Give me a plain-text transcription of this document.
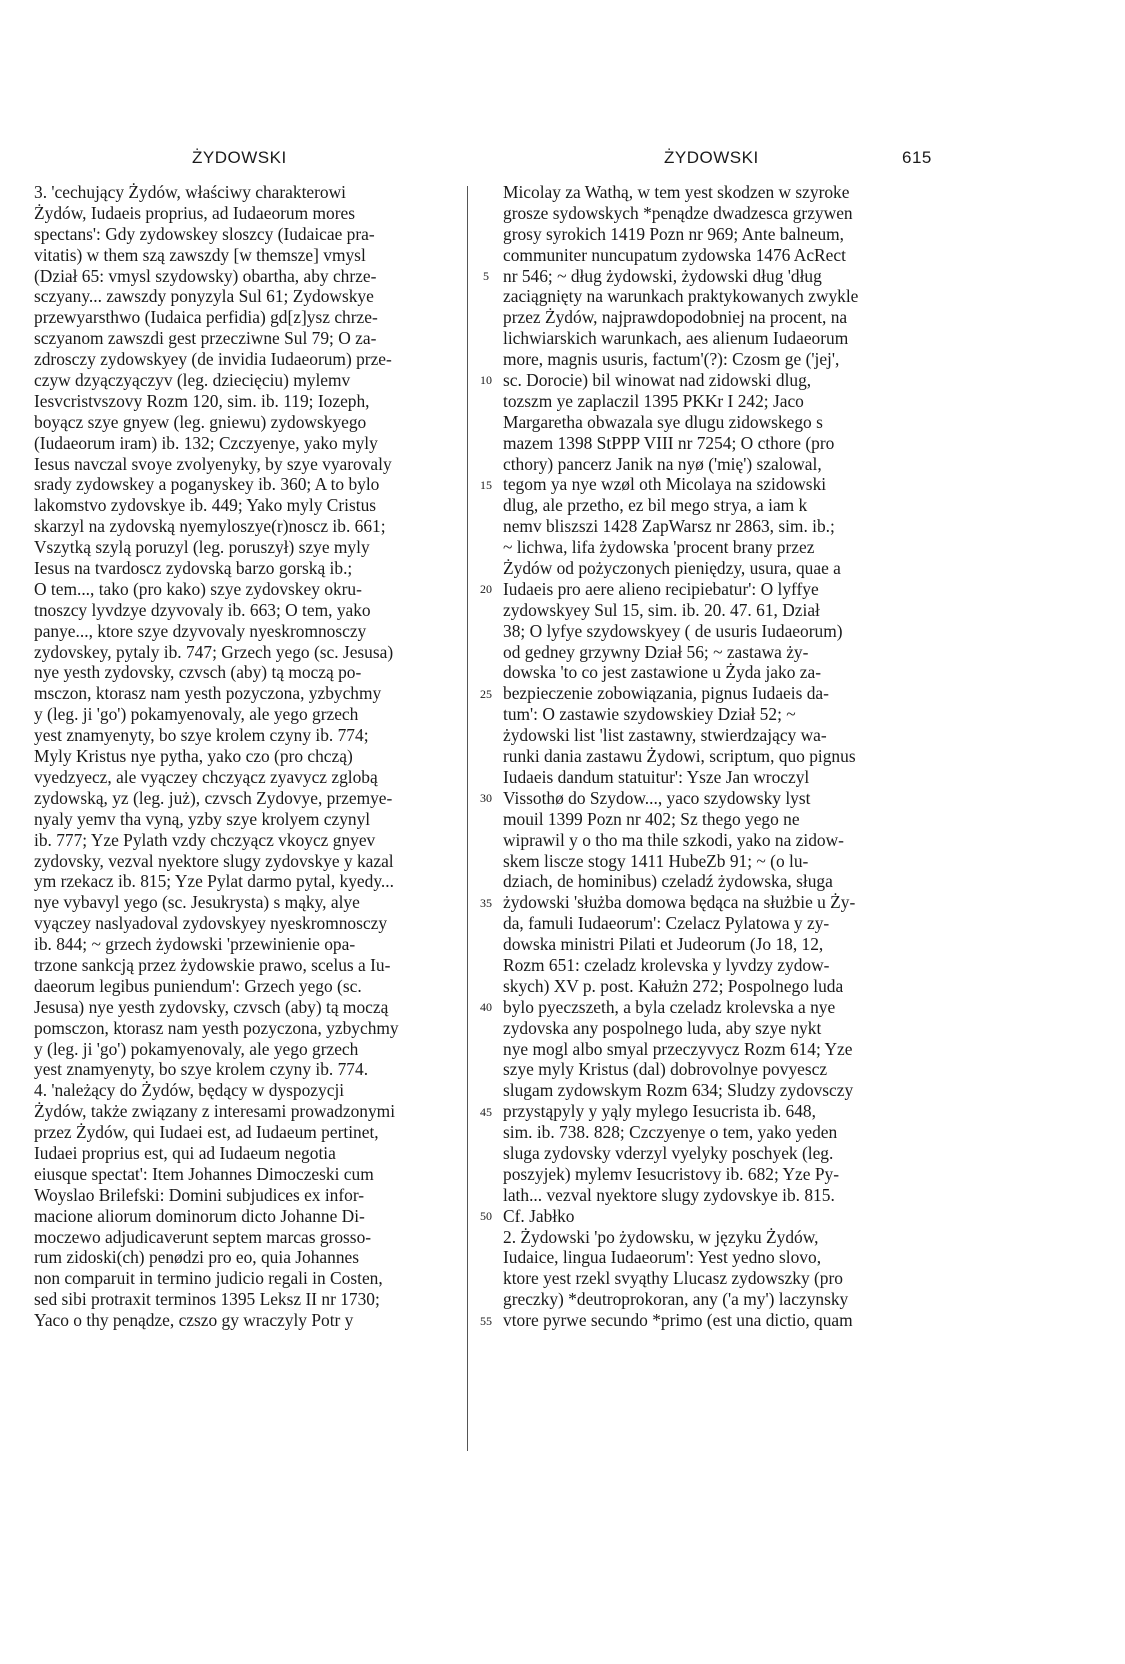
ŻYDOWSKI	ŻYDOWSKI	615
3. 'cechujący Żydów, właściwy charakterowi
Żydów, Iudaeis proprius, ad Iudaeorum mores
spectans': Gdy zydowskey sloszcy (Iudaicae pra-
vitatis) w them szą zawszdy [w themsze] vmysl
(Dział 65: vmysl szydowsky) obartha, aby chrze-
sczyany... zawszdy ponyzyla Sul 61; Zydowskye
przewyarsthwo (Iudaica perfidia) gd[z]ysz chrze-
sczyanom zawszdi gest przecziwne Sul 79; O za-
zdrosczy zydowskyey (de invidia Iudaeorum) prze-
czyw dzyączyączyv (leg. dziecięciu) mylemv
Iesvcristvszovy Rozm 120, sim. ib. 119; Iozeph,
boyącz szye gnyew (leg. gniewu) zydowskyego
(Iudaeorum iram) ib. 132; Czczyenye, yako myly
Iesus navczal svoye zvolyenyky, by szye vyarovaly
srady zydowskey a poganyskey ib. 360; A to bylo
lakomstvo zydovskye ib. 449; Yako myly Cristus
skarzyl na zydovską nyemyloszye(r)noscz ib. 661;
Vszytką szylą poruzyl (leg. poruszył) szye myly
Iesus na tvardoscz zydovską barzo gorską ib.;
O tem..., tako (pro kako) szye zydovskey okru-
tnoszcy lyvdzye dzyvovaly ib. 663; O tem, yako
panye..., ktore szye dzyvovaly nyeskromnosczy
zydovskey, pytaly ib. 747; Grzech yego (sc. Jesusa)
nye yesth zydovsky, czvsch (aby) tą moczą po-
msczon, ktorasz nam yesth pozyczona, yzbychmy
y (leg. ji 'go') pokamyenovaly, ale yego grzech
yest znamyenyty, bo szye krolem czyny ib. 774;
Myly Kristus nye pytha, yako czo (pro chczą)
vyedzyecz, ale vyączey chczyącz zyavycz zglobą
zydowską, yz (leg. już), czvsch Zydovye, przemye-
nyaly yemv tha vyną, yzby szye krolyem czynyl
ib. 777; Yze Pylath vzdy chczyącz vkoycz gnyev
zydovsky, vezval nyektore slugy zydovskye y kazal
ym rzekacz ib. 815; Yze Pylat darmo pytal, kyedy...
nye vybavyl yego (sc. Jesukrysta) s mąky, alye
vyączey naslyadoval zydovskyey nyeskromnosczy
ib. 844; ~ grzech żydowski 'przewinienie opa-
trzone sankcją przez żydowskie prawo, scelus a Iu-
daeorum legibus puniendum': Grzech yego (sc.
Jesusa) nye yesth zydovsky, czvsch (aby) tą moczą
pomsczon, ktorasz nam yesth pozyczona, yzbychmy
y (leg. ji 'go') pokamyenovaly, ale yego grzech
yest znamyenyty, bo szye krolem czyny ib. 774.
4. 'należący do Żydów, będący w dyspozycji
Żydów, także związany z interesami prowadzonymi
przez Żydów, qui Iudaei est, ad Iudaeum pertinet,
Iudaei proprius est, qui ad Iudaeum negotia
eiusque spectat': Item Johannes Dimoczeski cum
Woyslao Brilefski: Domini subjudices ex infor-
macione aliorum dominorum dicto Johanne Di-
moczewo adjudicaverunt septem marcas grosso-
rum zidoski(ch) penødzi pro eo, quia Johannes
non comparuit in termino judicio regali in Costen,
sed sibi protraxit terminos 1395 Leksz II nr 1730;
Yaco o thy penądze, czszo gy wraczyly Potr y
5
10
15
20
25
30
35
40
45
50
55
Micolay za Wathą, w tem yest skodzen w szyroke
grosze sydowskych *penądze dwadzesca grzywen
grosy syrokich 1419 Pozn nr 969; Ante balneum,
communiter nuncupatum zydowska 1476 AcRect
nr 546; ~ dług żydowski, żydowski dług 'dług
zaciągnięty na warunkach praktykowanych zwykle
przez Żydów, najprawdopodobniej na procent, na
lichwiarskich warunkach, aes alienum Iudaeorum
more, magnis usuris, factum'(?): Czosm ge ('jej',
sc. Dorocie) bil winowat nad zidowski dlug,
tozszm ye zaplaczil 1395 PKKr I 242; Jaco
Margaretha obwazala sye dlugu zidowskego s
mazem 1398 StPPP VIII nr 7254; O cthore (pro
cthory) pancerz Janik na nyø ('mię') szalowal,
tegom ya nye wzøl oth Micolaya na szidowski
dlug, ale przetho, ez bil mego strya, a iam k
nemv bliszszi 1428 ZapWarsz nr 2863, sim. ib.;
~ lichwa, lifa żydowska 'procent brany przez
Żydów od pożyczonych pieniędzy, usura, quae a
Iudaeis pro aere alieno recipiebatur': O lyffye
zydowskyey Sul 15, sim. ib. 20. 47. 61, Dział
38; O lyfye szydowskyey ( de usuris Iudaeorum)
od gedney grzywny Dział 56; ~ zastawa ży-
dowska 'to co jest zastawione u Żyda jako za-
bezpieczenie zobowiązania, pignus Iudaeis da-
tum': O zastawie szydowskiey Dział 52; ~
żydowski list 'list zastawny, stwierdzający wa-
runki dania zastawu Żydowi, scriptum, quo pignus
Iudaeis dandum statuitur': Ysze Jan wroczyl
Vissothø do Szydow..., yaco szydowsky lyst
mouil 1399 Pozn nr 402; Sz thego yego ne
wiprawil y o tho ma thile szkodi, yako na zidow-
skem liscze stogy 1411 HubeZb 91; ~ (o lu-
dziach, de hominibus) czeladź żydowska, sługa
żydowski 'służba domowa będąca na służbie u Ży-
da, famuli Iudaeorum': Czelacz Pylatowa y zy-
dowska ministri Pilati et Judeorum (Jo 18, 12,
Rozm 651: czeladz krolevska y lyvdzy zydow-
skych) XV p. post. Kałużn 272; Pospolnego luda
bylo pyeczszeth, a byla czeladz krolevska a nye
zydovska any pospolnego luda, aby szye nykt
nye mogl albo smyal przeczyvycz Rozm 614; Yze
szye myly Kristus (dal) dobrovolnye povyescz
slugam zydowskym Rozm 634; Sludzy zydovsczy
przystąpyly y yąly mylego Iesucrista ib. 648,
sim. ib. 738. 828; Czczyenye o tem, yako yeden
sluga zydovsky vderzyl vyelyky poschyek (leg.
poszyjek) mylemv Iesucristovy ib. 682; Yze Py-
lath... vezval nyektore slugy zydovskye ib. 815.
Cf. Jabłko
2. Żydowski 'po żydowsku, w języku Żydów,
Iudaice, lingua Iudaeorum': Yest yedno slovo,
ktore yest rzekl svyąthy Llucasz zydowszky (pro
greczky) *deutroprokoran, any ('a my') laczynsky
vtore pyrwe secundo *primo (est una dictio, quam
